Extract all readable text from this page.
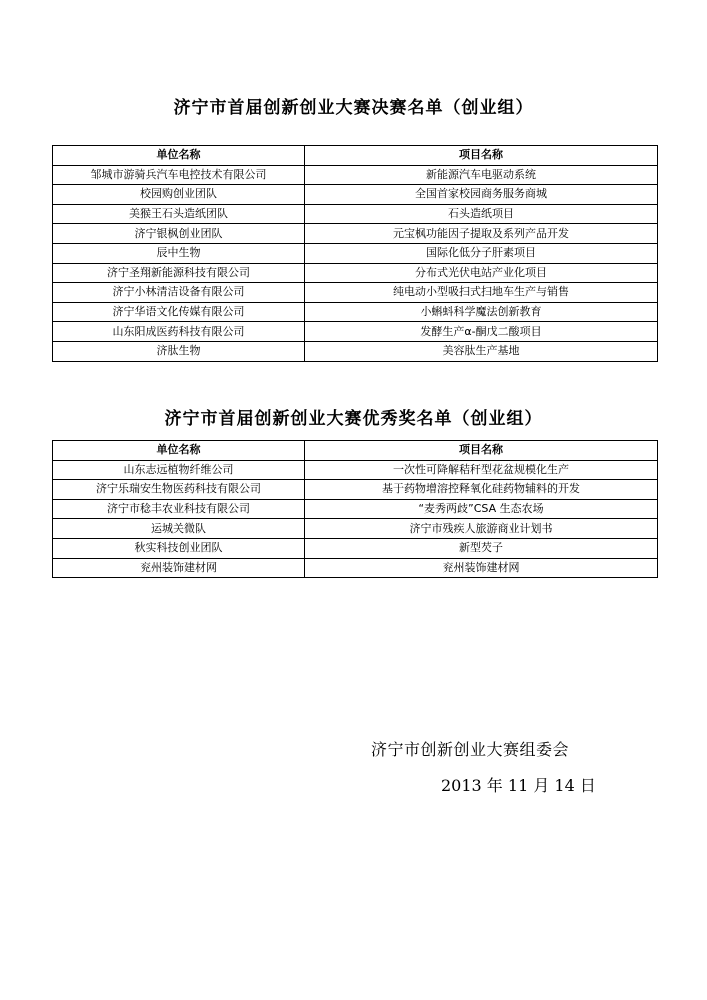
济宁市首届创新创业大赛决赛名单（创业组）
单位名称	项目名称
邹城市游骑兵汽车电控技术有限公司	新能源汽车电驱动系统
校园购创业团队	全国首家校园商务服务商城
美猴王石头造纸团队	石头造纸项目
济宁银枫创业团队	元宝枫功能因子提取及系列产品开发
辰中生物	国际化低分子肝素项目
济宁圣翔新能源科技有限公司	分布式光伏电站产业化项目
济宁小林清洁设备有限公司	纯电动小型吸扫式扫地车生产与销售
济宁华语文化传媒有限公司	小蝌蚪科学魔法创新教育
山东阳成医药科技有限公司	发酵生产α-酮戊二酸项目
济肽生物	美容肽生产基地
济宁市首届创新创业大赛优秀奖名单（创业组）
单位名称	项目名称
山东志远植物纤维公司	一次性可降解秸秆型花盆规模化生产
济宁乐瑞安生物医药科技有限公司	基于药物增溶控释氧化硅药物辅料的开发
济宁市稔丰农业科技有限公司	“麦秀两歧”CSA 生态农场
运城关微队	济宁市残疾人旅游商业计划书
秋实科技创业团队	新型芡子
兖州装饰建材网	兖州装饰建材网
济宁市创新创业大赛组委会
2013 年 11 月 14 日
